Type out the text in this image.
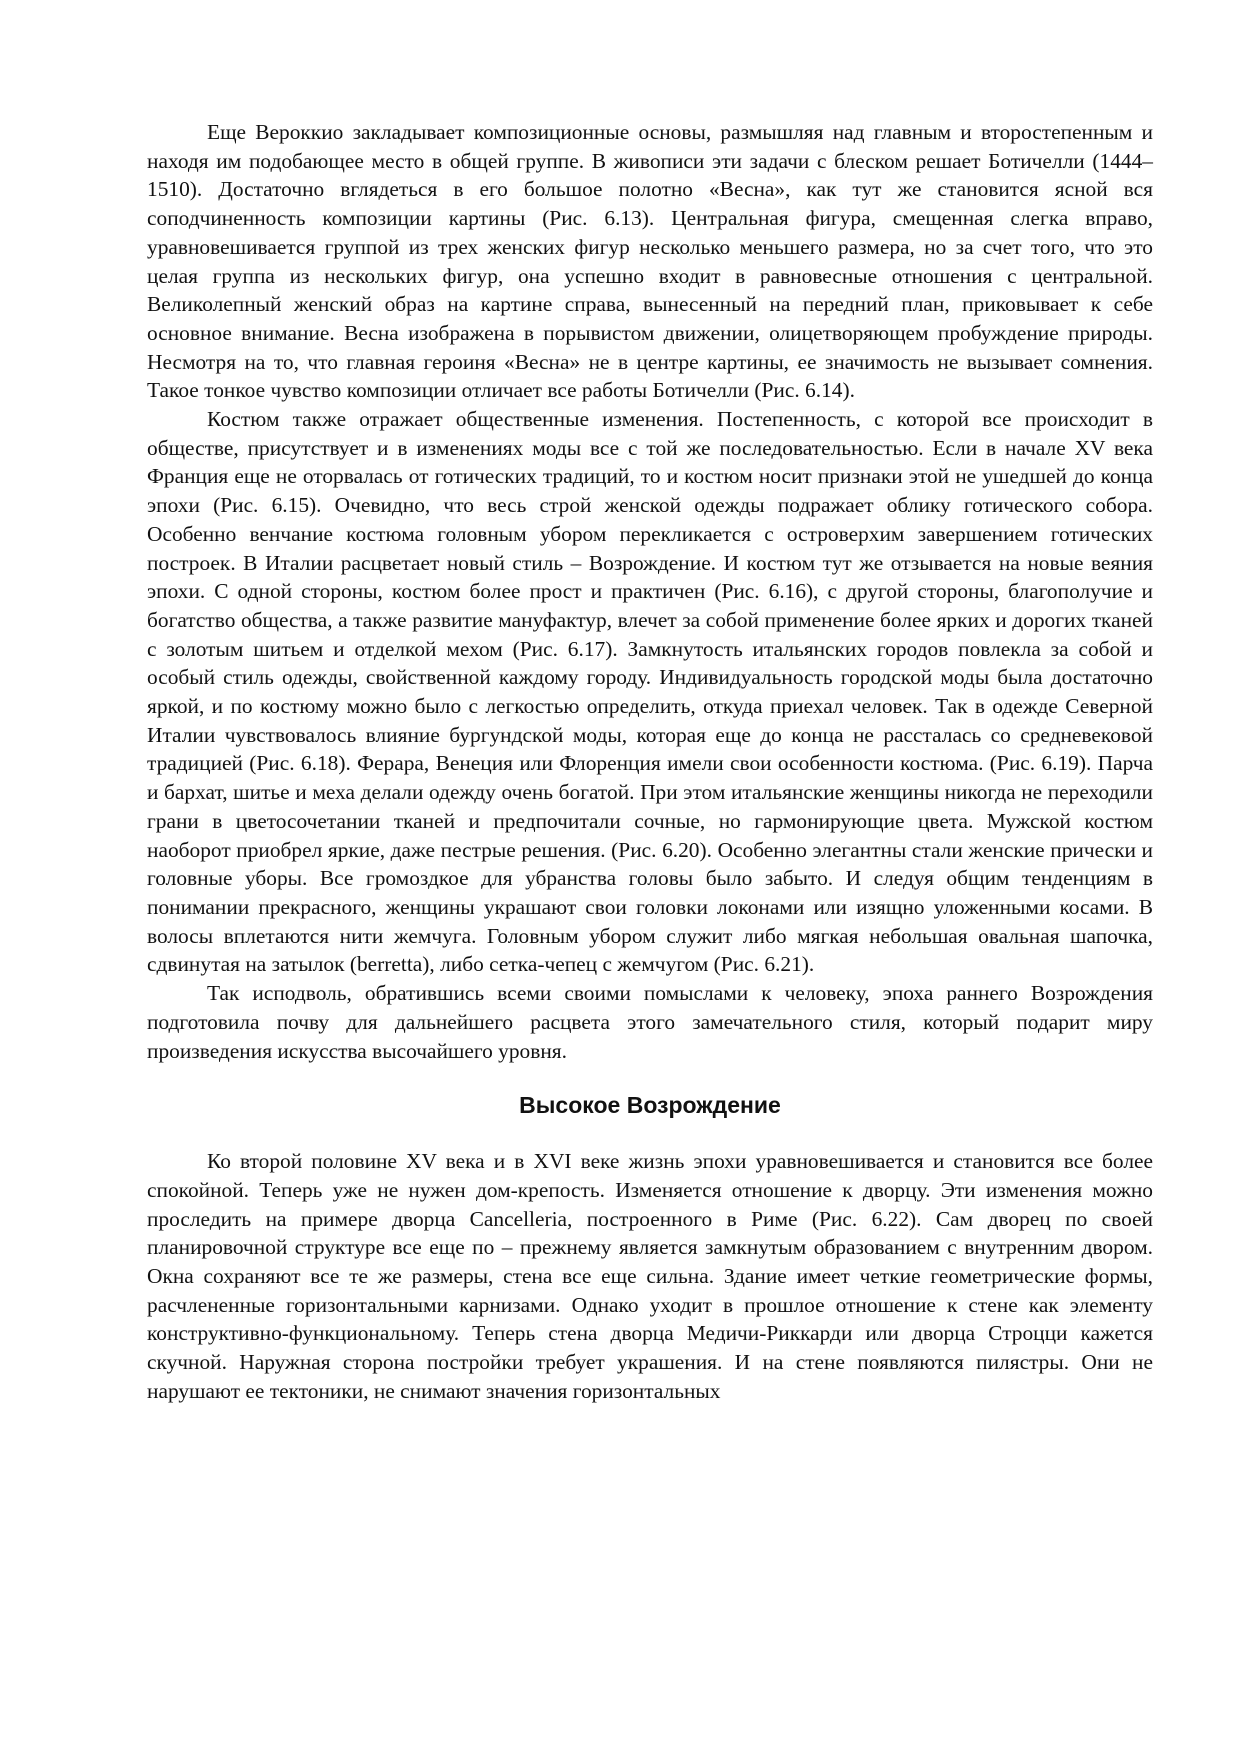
Еще Вероккио закладывает композиционные основы, размышляя над главным и второстепенным и находя им подобающее место в общей группе. В живописи эти задачи с блеском решает Ботичелли (1444–1510). Достаточно вглядеться в его большое полотно «Весна», как тут же становится ясной вся соподчиненность композиции картины (Рис. 6.13). Центральная фигура, смещенная слегка вправо, уравновешивается группой из трех женских фигур несколько меньшего размера, но за счет того, что это целая группа из нескольких фигур, она успешно входит в равновесные отношения с центральной. Великолепный женский образ на картине справа, вынесенный на передний план, приковывает к себе основное внимание. Весна изображена в порывистом движении, олицетворяющем пробуждение природы. Несмотря на то, что главная героиня «Весна» не в центре картины, ее значимость не вызывает сомнения. Такое тонкое чувство композиции отличает все работы Ботичелли (Рис. 6.14).

Костюм также отражает общественные изменения. Постепенность, с которой все происходит в обществе, присутствует и в изменениях моды все с той же последовательностью. Если в начале XV века Франция еще не оторвалась от готических традиций, то и костюм носит признаки этой не ушедшей до конца эпохи (Рис. 6.15). Очевидно, что весь строй женской одежды подражает облику готического собора. Особенно венчание костюма головным убором перекликается с островерхим завершением готических построек. В Италии расцветает новый стиль – Возрождение. И костюм тут же отзывается на новые веяния эпохи. С одной стороны, костюм более прост и практичен (Рис. 6.16), с другой стороны, благополучие и богатство общества, а также развитие мануфактур, влечет за собой применение более ярких и дорогих тканей с золотым шитьем и отделкой мехом (Рис. 6.17). Замкнутость итальянских городов повлекла за собой и особый стиль одежды, свойственной каждому городу. Индивидуальность городской моды была достаточно яркой, и по костюму можно было с легкостью определить, откуда приехал человек. Так в одежде Северной Италии чувствовалось влияние бургундской моды, которая еще до конца не рассталась со средневековой традицией (Рис. 6.18). Ферара, Венеция или Флоренция имели свои особенности костюма. (Рис. 6.19). Парча и бархат, шитье и меха делали одежду очень богатой. При этом итальянские женщины никогда не переходили грани в цветосочетании тканей и предпочитали сочные, но гармонирующие цвета. Мужской костюм наоборот приобрел яркие, даже пестрые решения. (Рис. 6.20). Особенно элегантны стали женские прически и головные уборы. Все громоздкое для убранства головы было забыто. И следуя общим тенденциям в понимании прекрасного, женщины украшают свои головки локонами или изящно уложенными косами. В волосы вплетаются нити жемчуга. Головным убором служит либо мягкая небольшая овальная шапочка, сдвинутая на затылок (berretta), либо сетка-чепец с жемчугом (Рис. 6.21).

Так исподволь, обратившись всеми своими помыслами к человеку, эпоха раннего Возрождения подготовила почву для дальнейшего расцвета этого замечательного стиля, который подарит миру произведения искусства высочайшего уровня.

Высокое Возрождение

Ко второй половине XV века и в XVI веке жизнь эпохи уравновешивается и становится все более спокойной. Теперь уже не нужен дом-крепость. Изменяется отношение к дворцу. Эти изменения можно проследить на примере дворца Cancelleria, построенного в Риме (Рис. 6.22). Сам дворец по своей планировочной структуре все еще по – прежнему является замкнутым образованием с внутренним двором. Окна сохраняют все те же размеры, стена все еще сильна. Здание имеет четкие геометрические формы, расчлененные горизонтальными карнизами. Однако уходит в прошлое отношение к стене как элементу конструктивно-функциональному. Теперь стена дворца Медичи-Риккарди или дворца Строцци кажется скучной. Наружная сторона постройки требует украшения. И на стене появляются пилястры. Они не нарушают ее тектоники, не снимают значения горизонтальных
